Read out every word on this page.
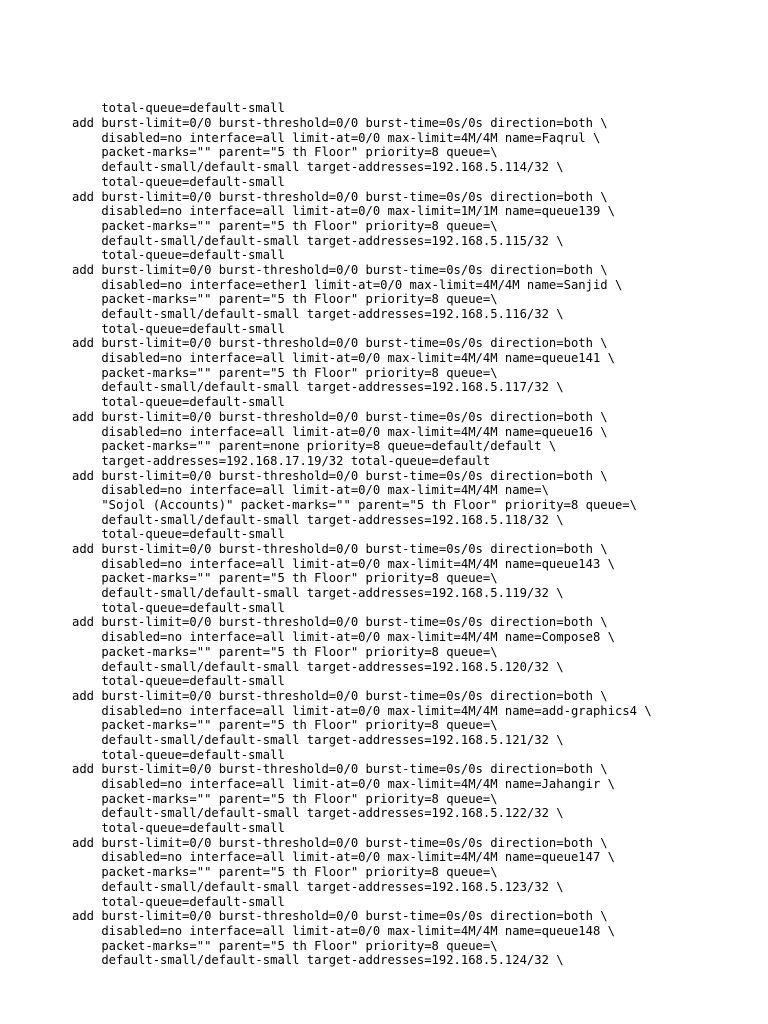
total-queue=default-small
add burst-limit=0/0 burst-threshold=0/0 burst-time=0s/0s direction=both \
disabled=no interface=all limit-at=0/0 max-limit=4M/4M name=Faqrul \
packet-marks="" parent="5 th Floor" priority=8 queue=\
default-small/default-small target-addresses=192.168.5.114/32 \
total-queue=default-small
add burst-limit=0/0 burst-threshold=0/0 burst-time=0s/0s direction=both \
disabled=no interface=all limit-at=0/0 max-limit=1M/1M name=queue139 \
packet-marks="" parent="5 th Floor" priority=8 queue=\
default-small/default-small target-addresses=192.168.5.115/32 \
total-queue=default-small
add burst-limit=0/0 burst-threshold=0/0 burst-time=0s/0s direction=both \
disabled=no interface=ether1 limit-at=0/0 max-limit=4M/4M name=Sanjid \
packet-marks="" parent="5 th Floor" priority=8 queue=\
default-small/default-small target-addresses=192.168.5.116/32 \
total-queue=default-small
add burst-limit=0/0 burst-threshold=0/0 burst-time=0s/0s direction=both \
disabled=no interface=all limit-at=0/0 max-limit=4M/4M name=queue141 \
packet-marks="" parent="5 th Floor" priority=8 queue=\
default-small/default-small target-addresses=192.168.5.117/32 \
total-queue=default-small
add burst-limit=0/0 burst-threshold=0/0 burst-time=0s/0s direction=both \
disabled=no interface=all limit-at=0/0 max-limit=4M/4M name=queue16 \
packet-marks="" parent=none priority=8 queue=default/default \
target-addresses=192.168.17.19/32 total-queue=default
add burst-limit=0/0 burst-threshold=0/0 burst-time=0s/0s direction=both \
disabled=no interface=all limit-at=0/0 max-limit=4M/4M name=\
"Sojol (Accounts)" packet-marks="" parent="5 th Floor" priority=8 queue=\
default-small/default-small target-addresses=192.168.5.118/32 \
total-queue=default-small
add burst-limit=0/0 burst-threshold=0/0 burst-time=0s/0s direction=both \
disabled=no interface=all limit-at=0/0 max-limit=4M/4M name=queue143 \
packet-marks="" parent="5 th Floor" priority=8 queue=\
default-small/default-small target-addresses=192.168.5.119/32 \
total-queue=default-small
add burst-limit=0/0 burst-threshold=0/0 burst-time=0s/0s direction=both \
disabled=no interface=all limit-at=0/0 max-limit=4M/4M name=Compose8 \
packet-marks="" parent="5 th Floor" priority=8 queue=\
default-small/default-small target-addresses=192.168.5.120/32 \
total-queue=default-small
add burst-limit=0/0 burst-threshold=0/0 burst-time=0s/0s direction=both \
disabled=no interface=all limit-at=0/0 max-limit=4M/4M name=add-graphics4 \
packet-marks="" parent="5 th Floor" priority=8 queue=\
default-small/default-small target-addresses=192.168.5.121/32 \
total-queue=default-small
add burst-limit=0/0 burst-threshold=0/0 burst-time=0s/0s direction=both \
disabled=no interface=all limit-at=0/0 max-limit=4M/4M name=Jahangir \
packet-marks="" parent="5 th Floor" priority=8 queue=\
default-small/default-small target-addresses=192.168.5.122/32 \
total-queue=default-small
add burst-limit=0/0 burst-threshold=0/0 burst-time=0s/0s direction=both \
disabled=no interface=all limit-at=0/0 max-limit=4M/4M name=queue147 \
packet-marks="" parent="5 th Floor" priority=8 queue=\
default-small/default-small target-addresses=192.168.5.123/32 \
total-queue=default-small
add burst-limit=0/0 burst-threshold=0/0 burst-time=0s/0s direction=both \
disabled=no interface=all limit-at=0/0 max-limit=4M/4M name=queue148 \
packet-marks="" parent="5 th Floor" priority=8 queue=\
default-small/default-small target-addresses=192.168.5.124/32 \
